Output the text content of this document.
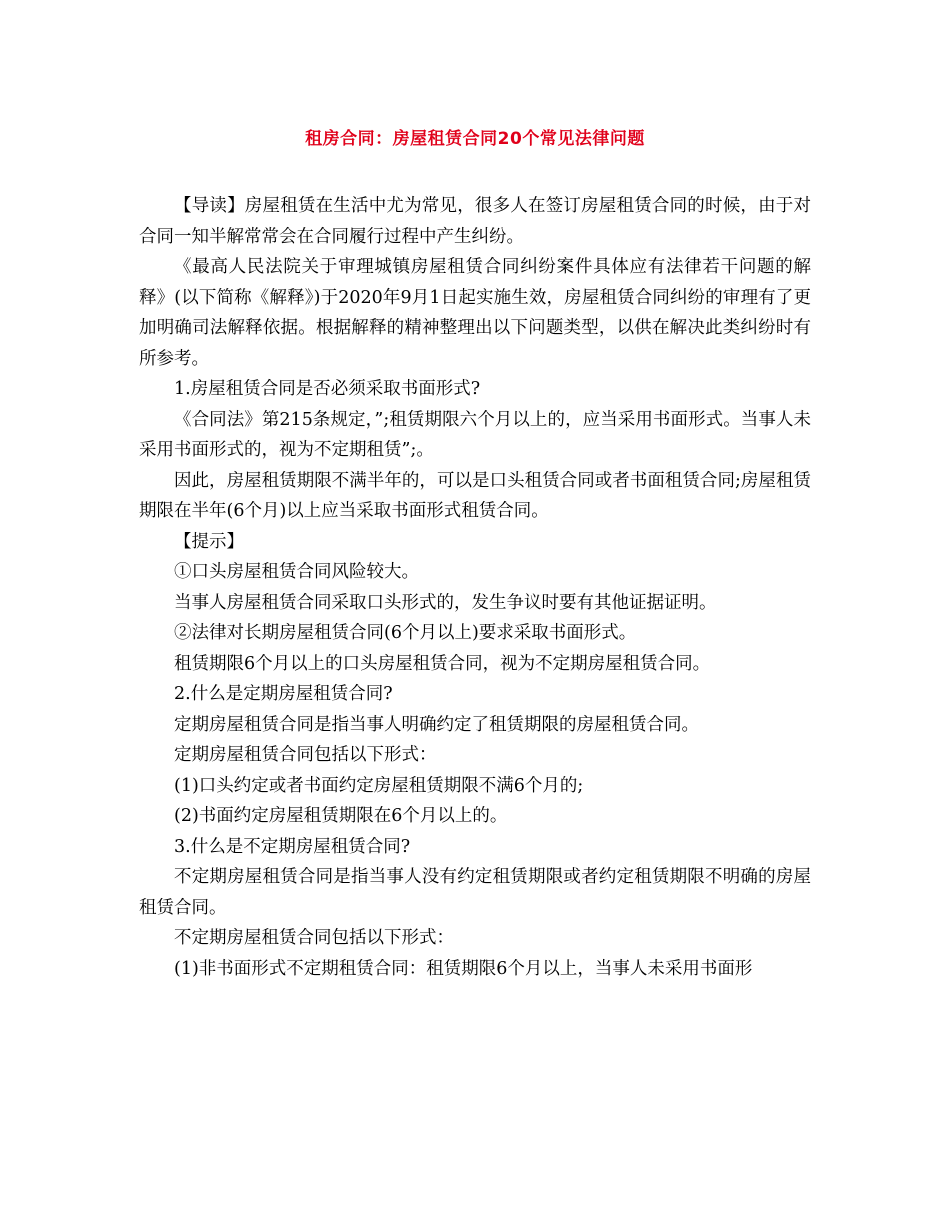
租房合同：房屋租赁合同20个常见法律问题

【导读】房屋租赁在生活中尤为常见，很多人在签订房屋租赁合同的时候，由于对合同一知半解常常会在合同履行过程中产生纠纷。

《最高人民法院关于审理城镇房屋租赁合同纠纷案件具体应有法律若干问题的解释》(以下简称《解释》)于2020年9月1日起实施生效，房屋租赁合同纠纷的审理有了更加明确司法解释依据。根据解释的精神整理出以下问题类型，以供在解决此类纠纷时有所参考。

1.房屋租赁合同是否必须采取书面形式?

《合同法》第215条规定，”;租赁期限六个月以上的，应当采用书面形式。当事人未采用书面形式的，视为不定期租赁”;。

因此，房屋租赁期限不满半年的，可以是口头租赁合同或者书面租赁合同;房屋租赁期限在半年(6个月)以上应当采取书面形式租赁合同。

【提示】

①口头房屋租赁合同风险较大。

当事人房屋租赁合同采取口头形式的，发生争议时要有其他证据证明。

②法律对长期房屋租赁合同(6个月以上)要求采取书面形式。

租赁期限6个月以上的口头房屋租赁合同，视为不定期房屋租赁合同。

2.什么是定期房屋租赁合同?

定期房屋租赁合同是指当事人明确约定了租赁期限的房屋租赁合同。

定期房屋租赁合同包括以下形式：

(1)口头约定或者书面约定房屋租赁期限不满6个月的;

(2)书面约定房屋租赁期限在6个月以上的。

3.什么是不定期房屋租赁合同?

不定期房屋租赁合同是指当事人没有约定租赁期限或者约定租赁期限不明确的房屋租赁合同。

不定期房屋租赁合同包括以下形式：

(1)非书面形式不定期租赁合同：租赁期限6个月以上，当事人未采用书面形
